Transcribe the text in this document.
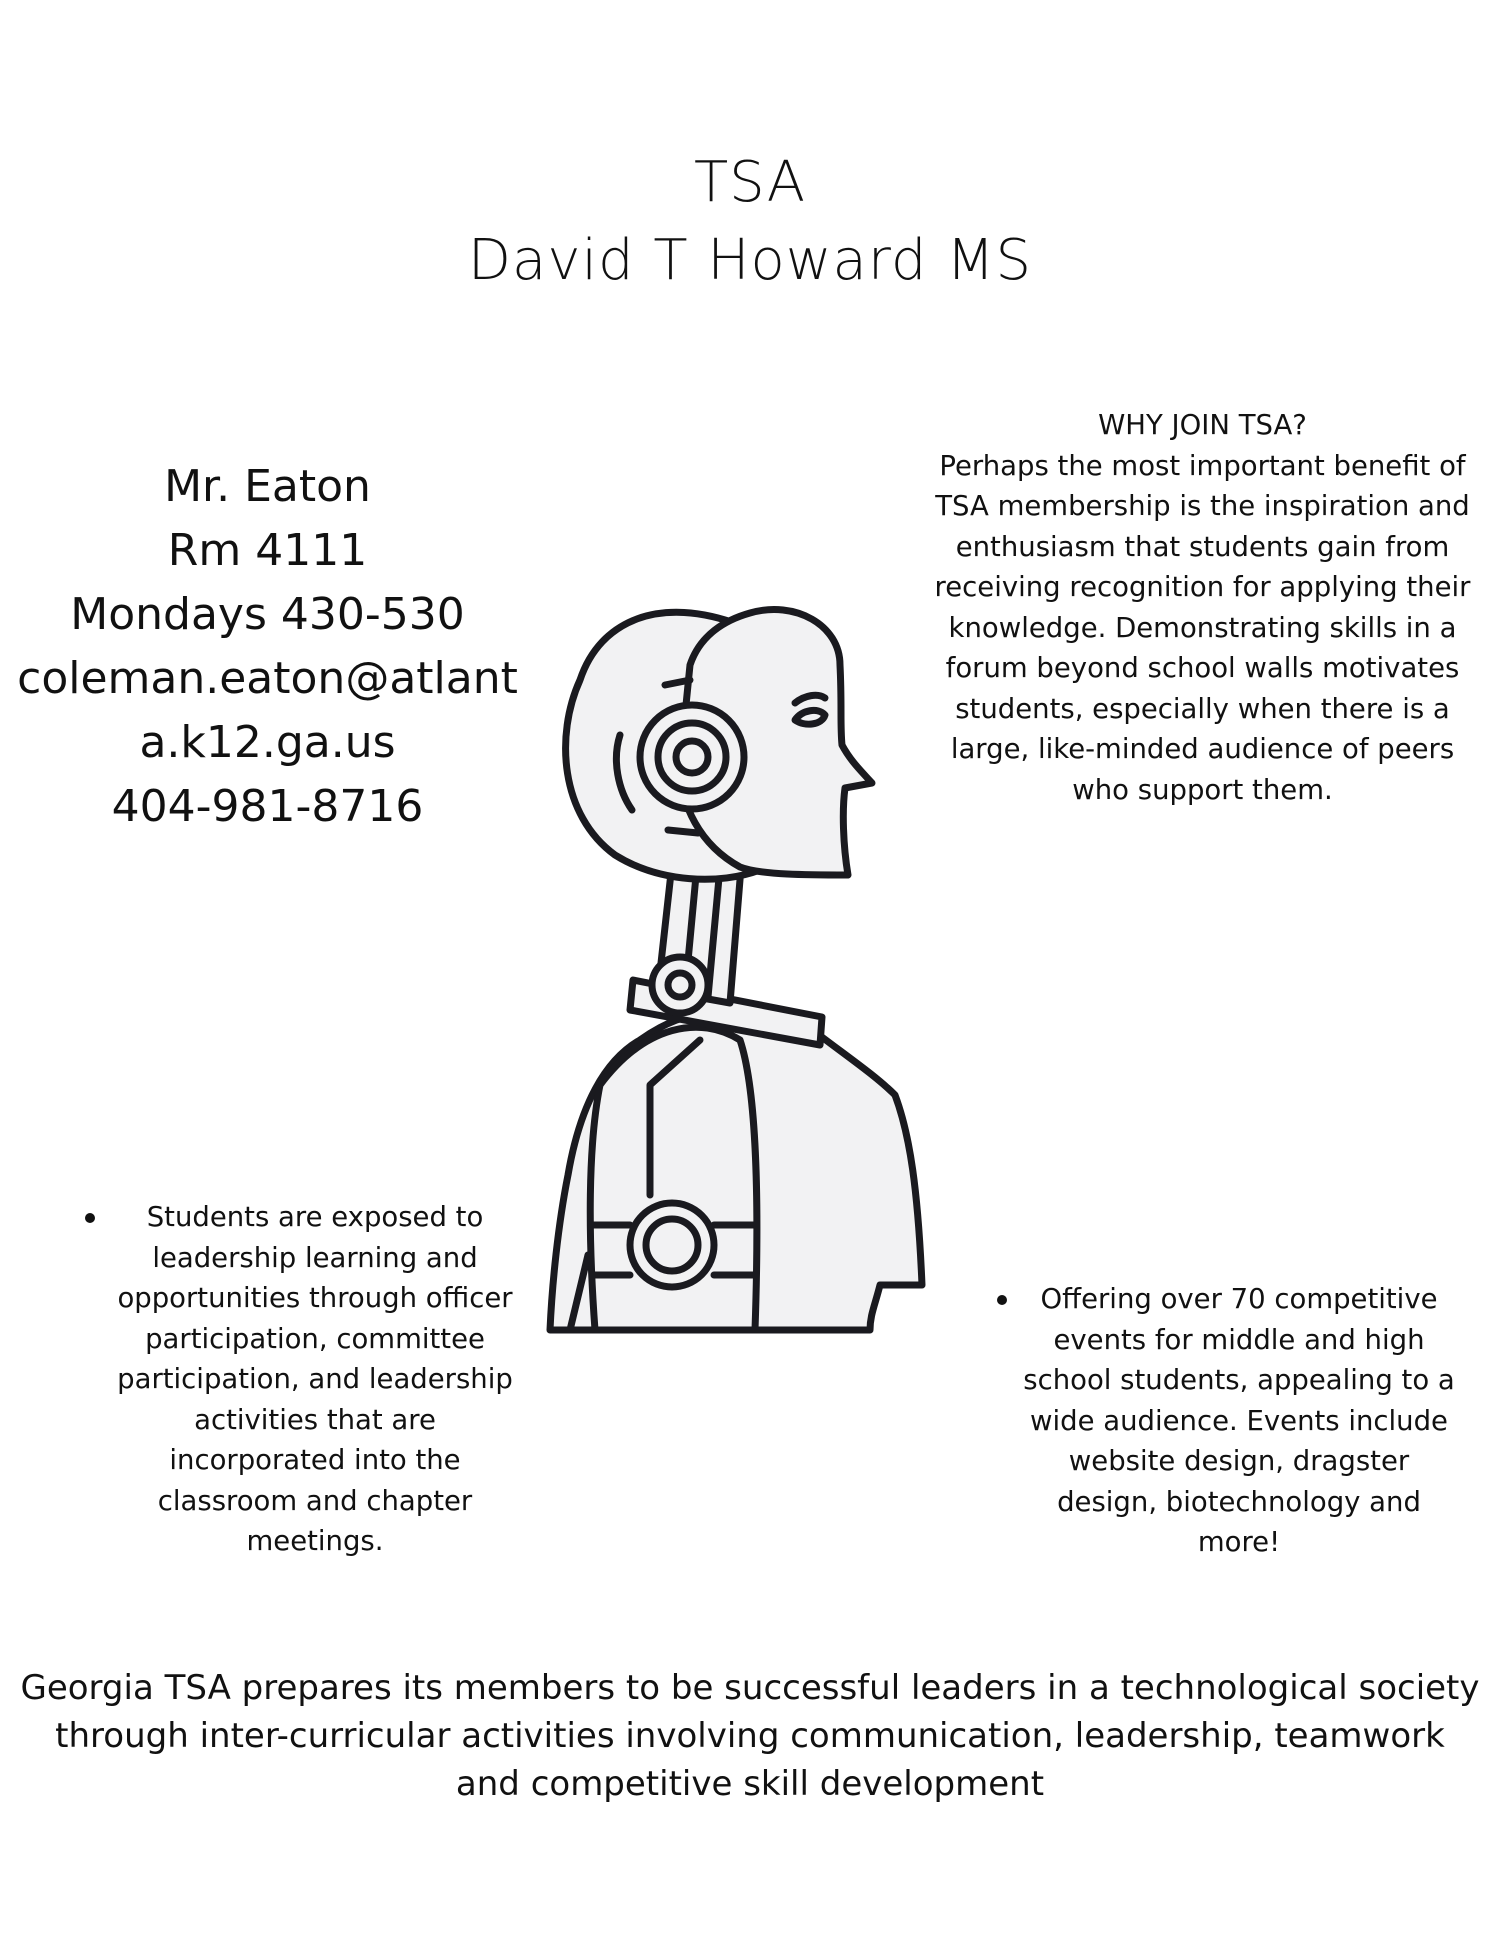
TSA
David T Howard MS
Mr. Eaton
Rm 4111
Mondays 430-530
coleman.eaton@atlant
a.k12.ga.us
404-981-8716
WHY JOIN TSA?
Perhaps the most important benefit of TSA membership is the inspiration and enthusiasm that students gain from receiving recognition for applying their knowledge. Demonstrating skills in a forum beyond school walls motivates students, especially when there is a large, like-minded audience of peers who support them.
Students are exposed to leadership learning and opportunities through officer participation, committee participation, and leadership activities that are incorporated into the classroom and chapter meetings.
Offering over 70 competitive events for middle and high school students, appealing to a wide audience. Events include website design, dragster design, biotechnology and more!
Georgia TSA prepares its members to be successful leaders in a technological society through inter-curricular activities involving communication, leadership, teamwork and competitive skill development
